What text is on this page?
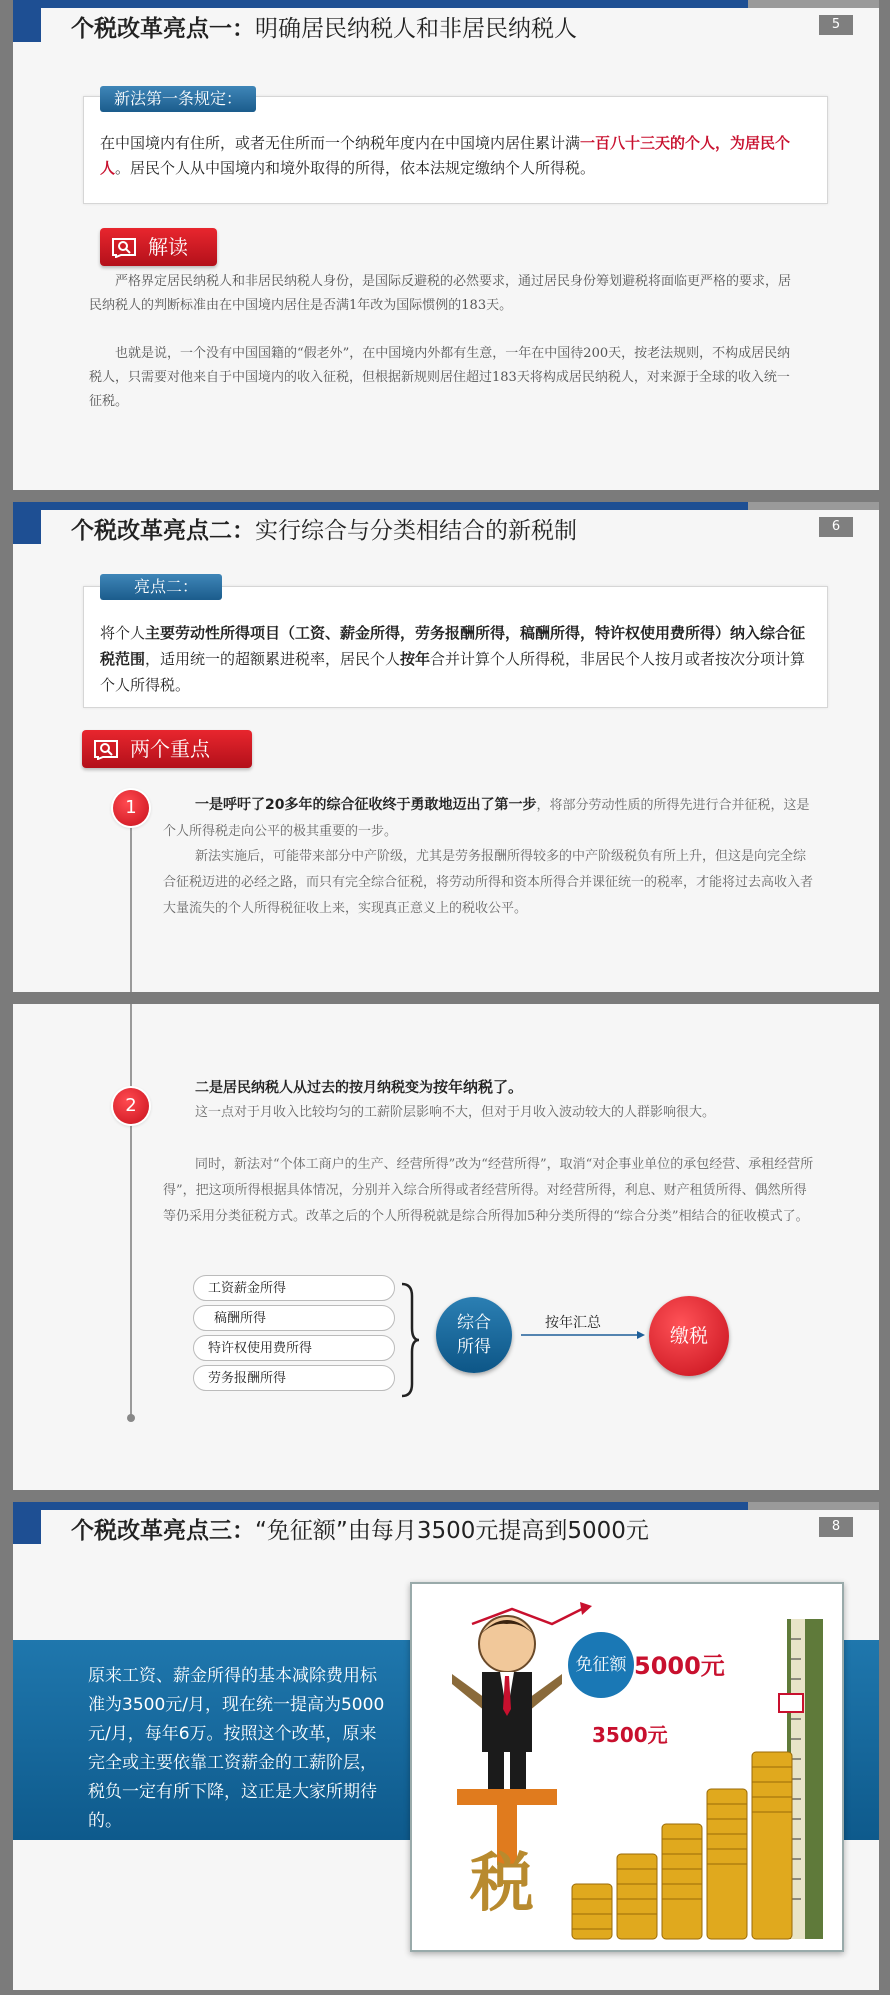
个税改革亮点一：明确居民纳税人和非居民纳税人	5
新法第一条规定：
在中国境内有住所，或者无住所而一个纳税年度内在中国境内居住累计满一百八十三天的个人，为居民个人。居民个人从中国境内和境外取得的所得，依本法规定缴纳个人所得税。
解读
严格界定居民纳税人和非居民纳税人身份，是国际反避税的必然要求，通过居民身份筹划避税将面临更严格的要求，居民纳税人的判断标准由在中国境内居住是否满1年改为国际惯例的183天。
也就是说，一个没有中国国籍的“假老外”，在中国境内外都有生意，一年在中国待200天，按老法规则，不构成居民纳税人，只需要对他来自于中国境内的收入征税，但根据新规则居住超过183天将构成居民纳税人，对来源于全球的收入统一征税。
个税改革亮点二：实行综合与分类相结合的新税制	6
亮点二：
将个人主要劳动性所得项目（工资、薪金所得，劳务报酬所得，稿酬所得，特许权使用费所得）纳入综合征税范围，适用统一的超额累进税率，居民个人按年合并计算个人所得税，非居民个人按月或者按次分项计算个人所得税。
两个重点
1	一是呼吁了20多年的综合征收终于勇敢地迈出了第一步，将部分劳动性质的所得先进行合并征税，这是个人所得税走向公平的极其重要的一步。
新法实施后，可能带来部分中产阶级，尤其是劳务报酬所得较多的中产阶级税负有所上升，但这是向完全综合征税迈进的必经之路，而只有完全综合征税，将劳动所得和资本所得合并课征统一的税率，才能将过去高收入者大量流失的个人所得税征收上来，实现真正意义上的税收公平。
2
二是居民纳税人从过去的按月纳税变为按年纳税了。
这一点对于月收入比较均匀的工薪阶层影响不大，但对于月收入波动较大的人群影响很大。
同时，新法对“个体工商户的生产、经营所得”改为“经营所得”，取消“对企事业单位的承包经营、承租经营所得”，把这项所得根据具体情况，分别并入综合所得或者经营所得。对经营所得，利息、财产租赁所得、偶然所得等仍采用分类征税方式。改革之后的个人所得税就是综合所得加5种分类所得的“综合分类”相结合的征收模式了。
工资薪金所得
稿酬所得
特许权使用费所得
劳务报酬所得
综合所得
按年汇总
缴税
个税改革亮点三：“免征额”由每月3500元提高到5000元	8
原来工资、薪金所得的基本减除费用标准为3500元/月，现在统一提高为5000元/月，每年6万。按照这个改革，原来完全或主要依靠工资薪金的工薪阶层，税负一定有所下降，这正是大家所期待的。
税
免征额 5000元
3500元
